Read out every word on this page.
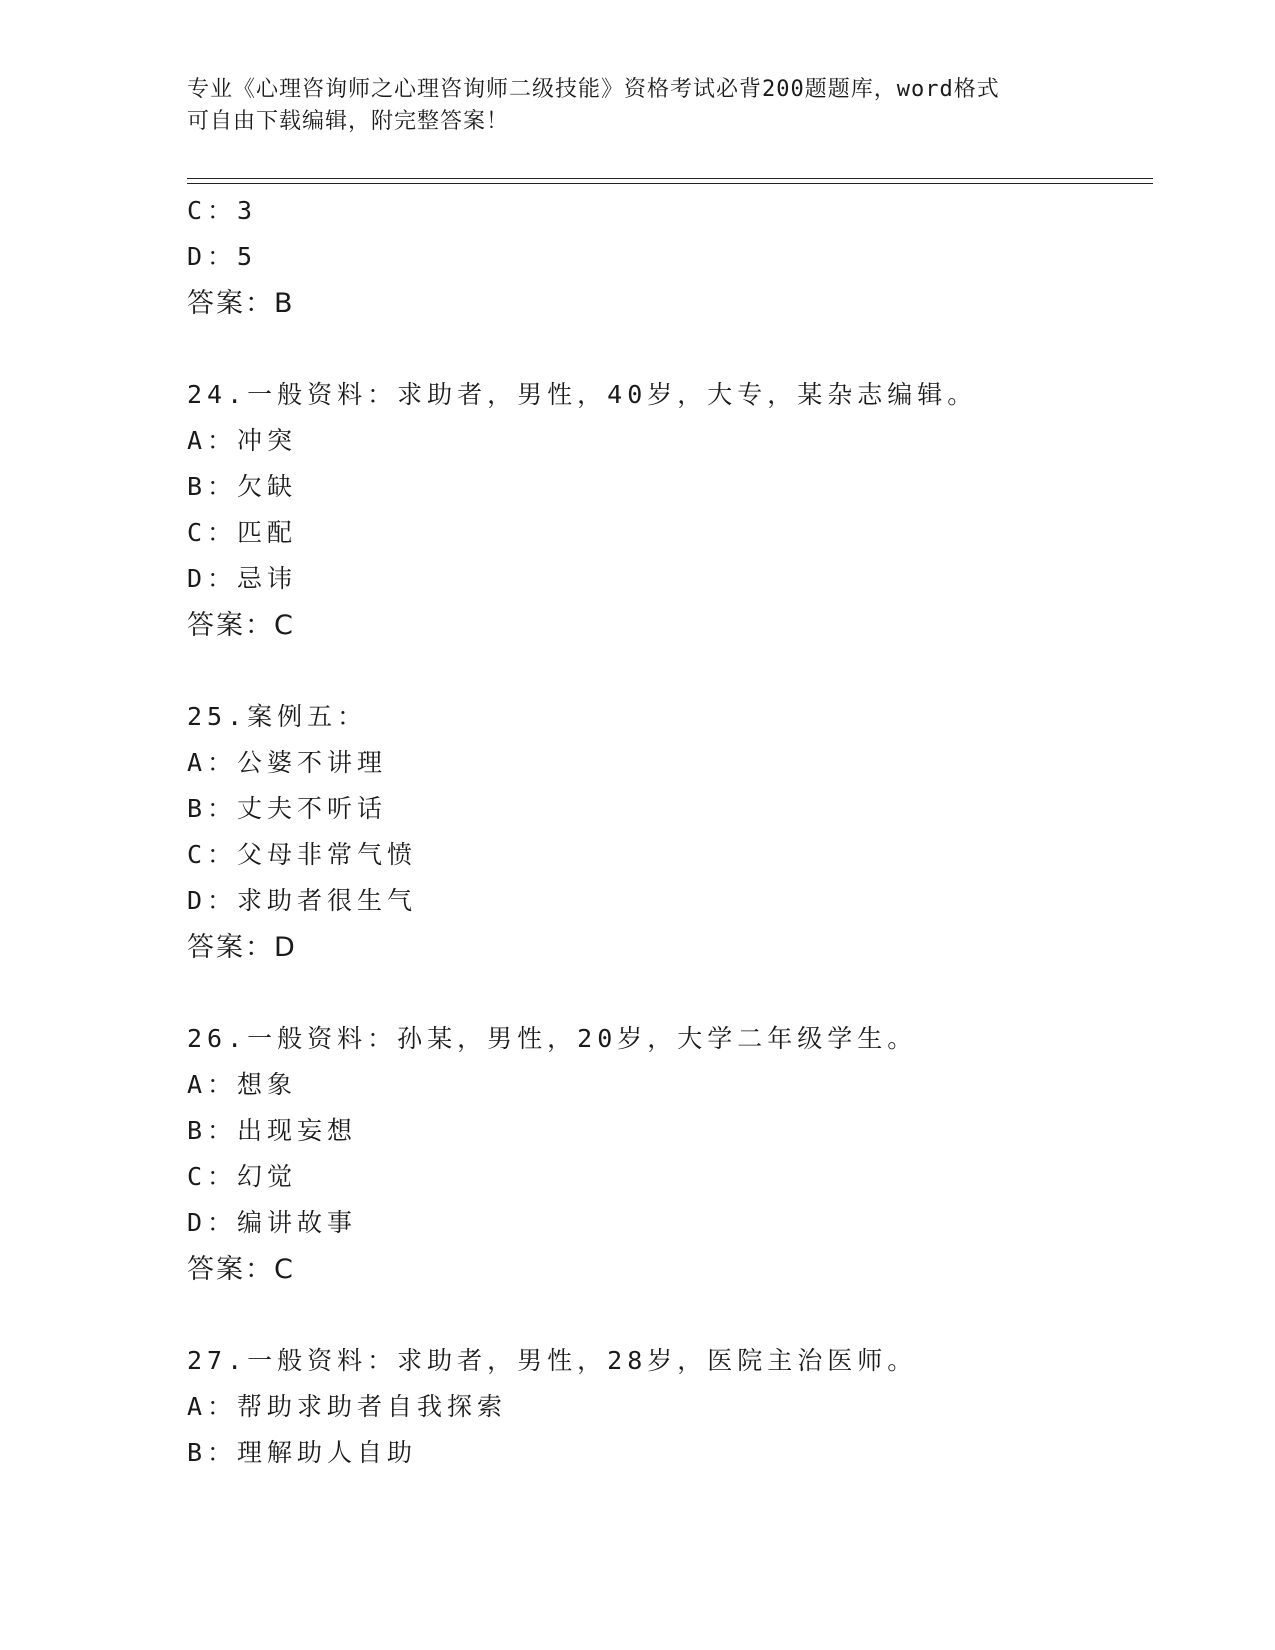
专业《心理咨询师之心理咨询师二级技能》资格考试必背200题题库，word格式
可自由下载编辑，附完整答案！
C：3
D：5
答案：B
24.一般资料：求助者，男性，40岁，大专，某杂志编辑。
A：冲突
B：欠缺
C：匹配
D：忌讳
答案：C
25.案例五：
A：公婆不讲理
B：丈夫不听话
C：父母非常气愤
D：求助者很生气
答案：D
26.一般资料：孙某，男性，20岁，大学二年级学生。
A：想象
B：出现妄想
C：幻觉
D：编讲故事
答案：C
27.一般资料：求助者，男性，28岁，医院主治医师。
A：帮助求助者自我探索
B：理解助人自助
